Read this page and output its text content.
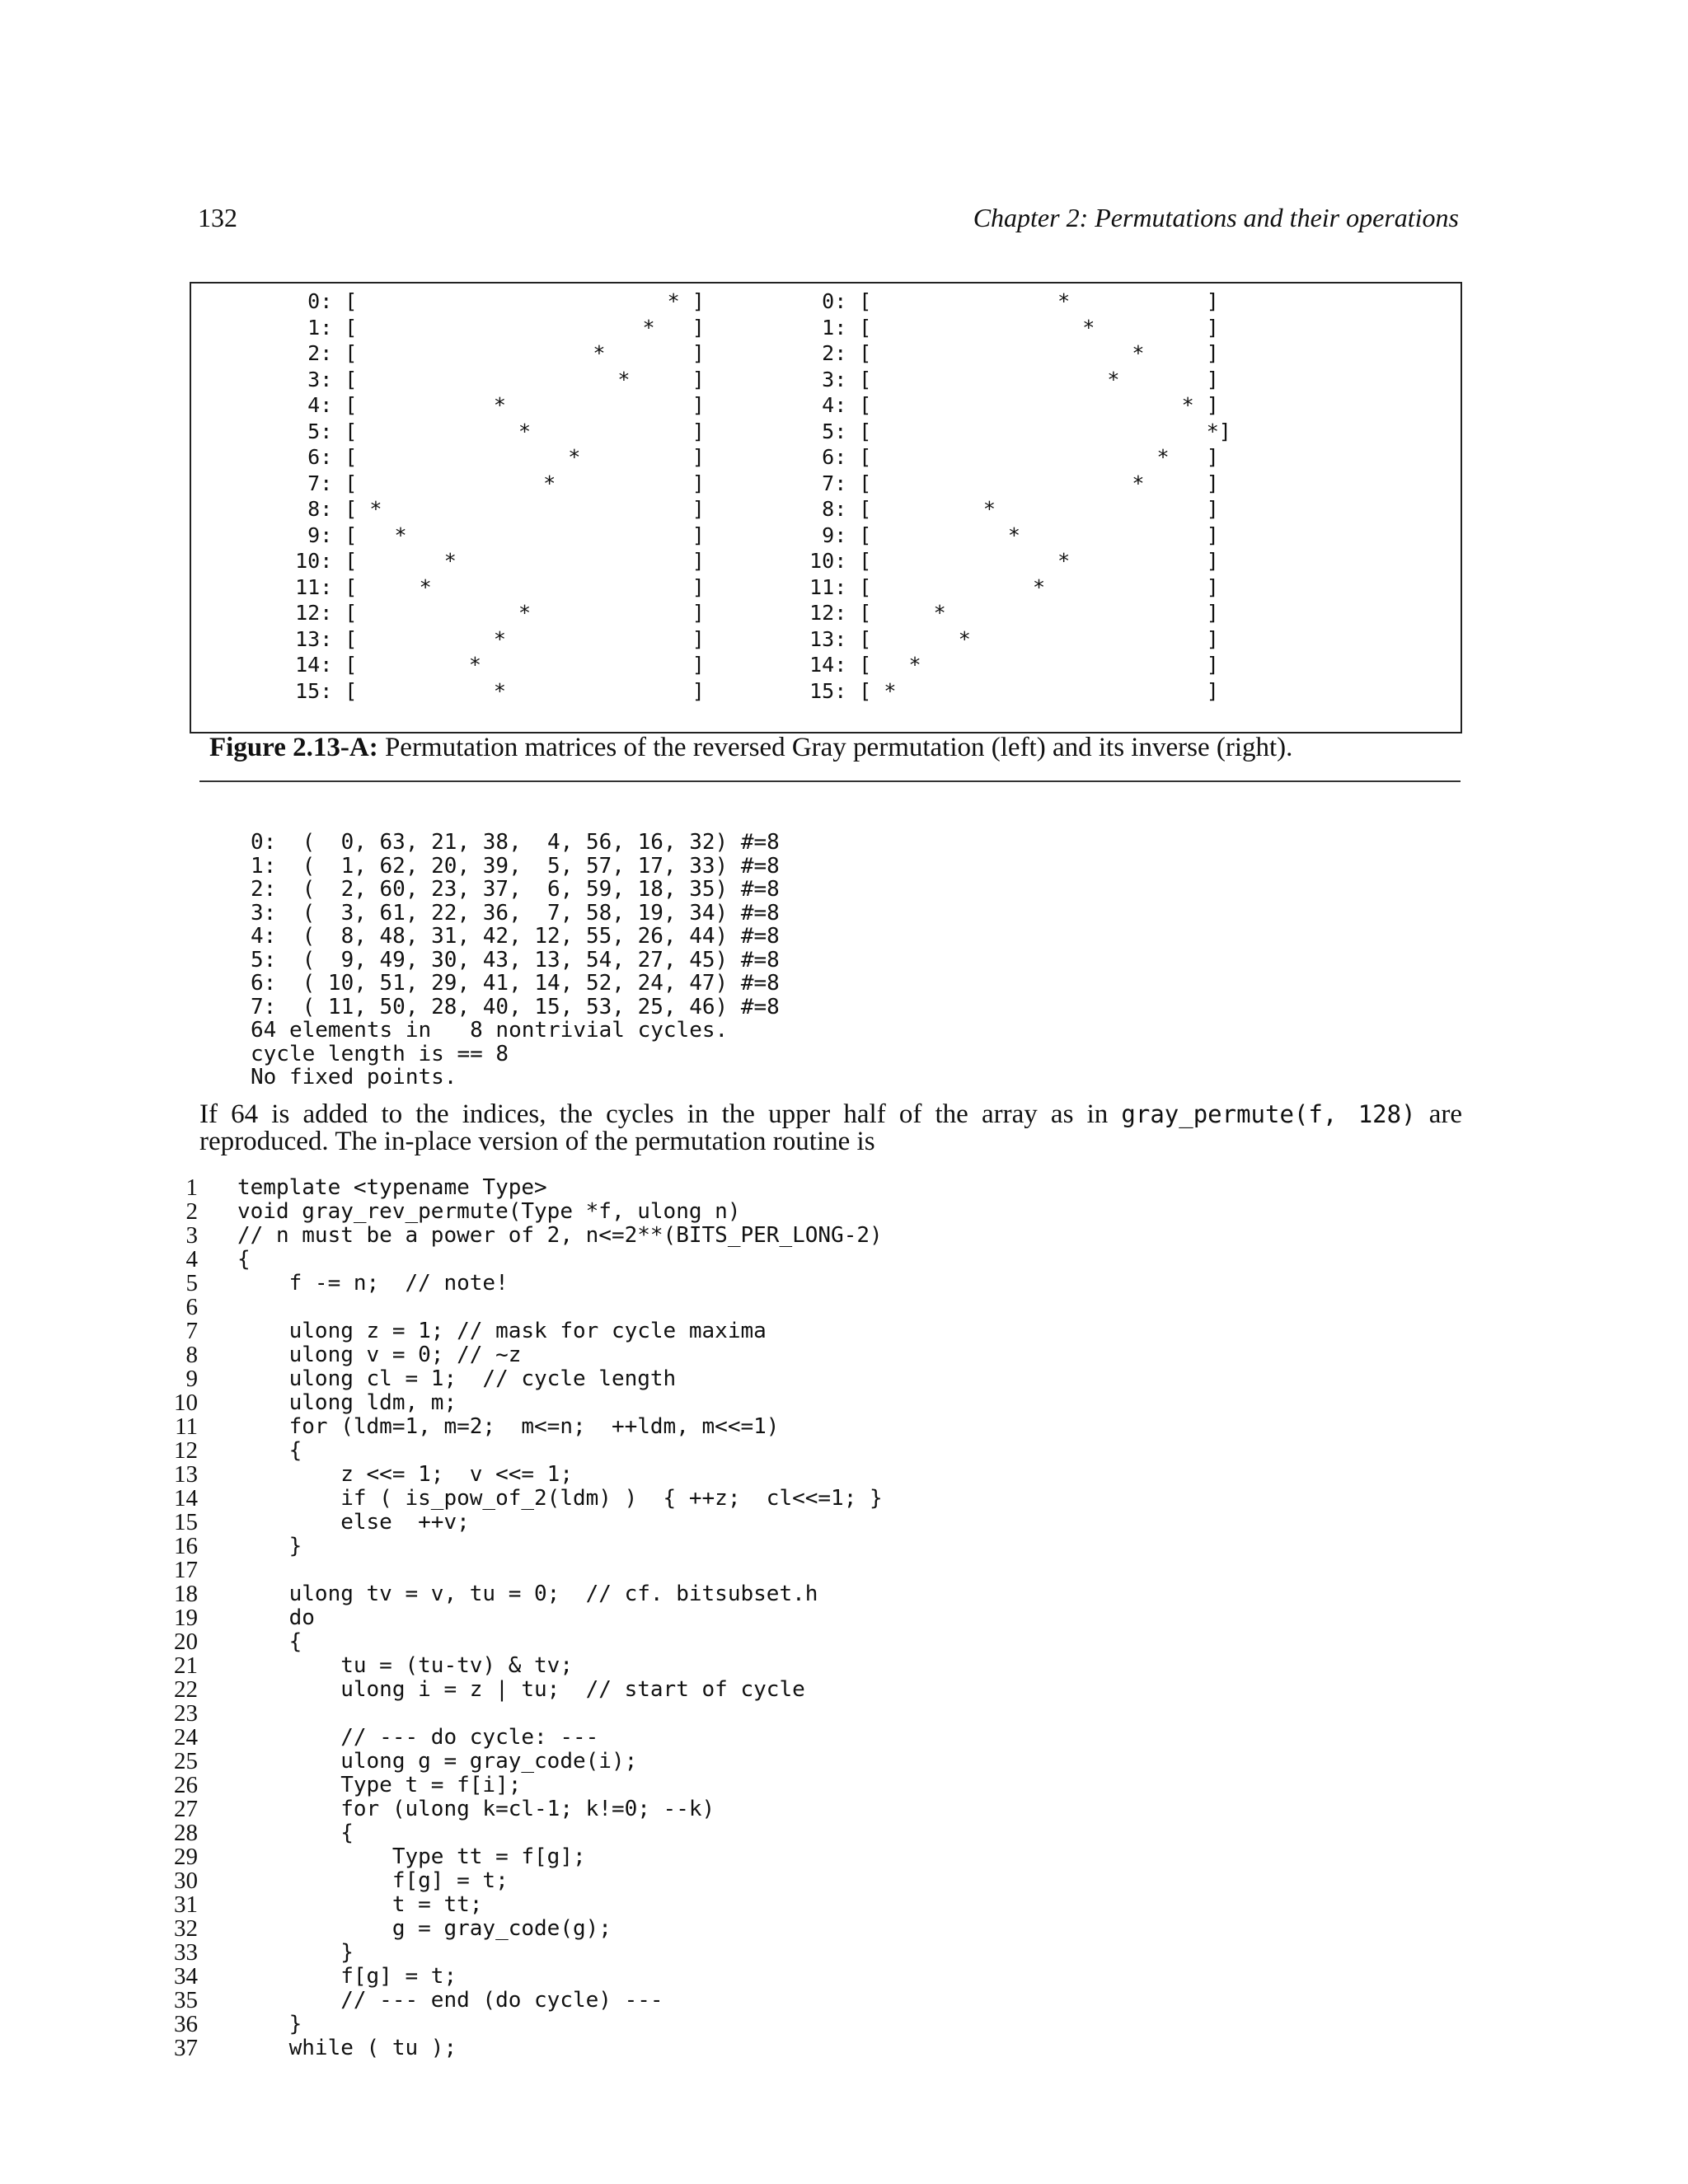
132	Chapter 2: Permutations and their operations
0: [                         * ]
1: [                       *   ]
2: [                   *       ]
3: [                     *     ]
4: [           *               ]
5: [             *             ]
6: [                 *         ]
7: [               *           ]
8: [ *                         ]
9: [   *                       ]
10: [       *                   ]
11: [     *                     ]
12: [             *             ]
13: [           *               ]
14: [         *                 ]
15: [           *               ]
0: [               *           ]
1: [                 *         ]
2: [                     *     ]
3: [                   *       ]
4: [                         * ]
5: [                           *]
6: [                       *   ]
7: [                     *     ]
8: [         *                 ]
9: [           *               ]
10: [               *           ]
11: [             *             ]
12: [     *                     ]
13: [       *                   ]
14: [   *                       ]
15: [ *                         ]
Figure 2.13-A: Permutation matrices of the reversed Gray permutation (left) and its inverse (right).
0:  (  0, 63, 21, 38,  4, 56, 16, 32) #=8
1:  (  1, 62, 20, 39,  5, 57, 17, 33) #=8
2:  (  2, 60, 23, 37,  6, 59, 18, 35) #=8
3:  (  3, 61, 22, 36,  7, 58, 19, 34) #=8
4:  (  8, 48, 31, 42, 12, 55, 26, 44) #=8
5:  (  9, 49, 30, 43, 13, 54, 27, 45) #=8
6:  ( 10, 51, 29, 41, 14, 52, 24, 47) #=8
7:  ( 11, 50, 28, 40, 15, 53, 25, 46) #=8
64 elements in   8 nontrivial cycles.
cycle length is == 8
No fixed points.
If 64 is added to the indices, the cycles in the upper half of the array as in gray_permute(f, 128) are reproduced. The in-place version of the permutation routine is
1 template <typename Type>
2 void gray_rev_permute(Type *f, ulong n)
3 // n must be a power of 2, n<=2**(BITS_PER_LONG-2)
4 {
5 f -= n;  // note!
6
7 ulong z = 1; // mask for cycle maxima
8 ulong v = 0; // ~z
9 ulong cl = 1;  // cycle length
10 ulong ldm, m;
11 for (ldm=1, m=2;  m<=n;  ++ldm, m<<=1)
12 {
13 z <<= 1;  v <<= 1;
14 if ( is_pow_of_2(ldm) )  { ++z;  cl<<=1; }
15 else  ++v;
16 }
17
18 ulong tv = v, tu = 0;  // cf. bitsubset.h
19 do
20 {
21 tu = (tu-tv) & tv;
22 ulong i = z | tu;  // start of cycle
23
24 // --- do cycle: ---
25 ulong g = gray_code(i);
26 Type t = f[i];
27 for (ulong k=cl-1; k!=0; --k)
28 {
29 Type tt = f[g];
30 f[g] = t;
31 t = tt;
32 g = gray_code(g);
33 }
34 f[g] = t;
35 // --- end (do cycle) ---
36 }
37 while ( tu );
